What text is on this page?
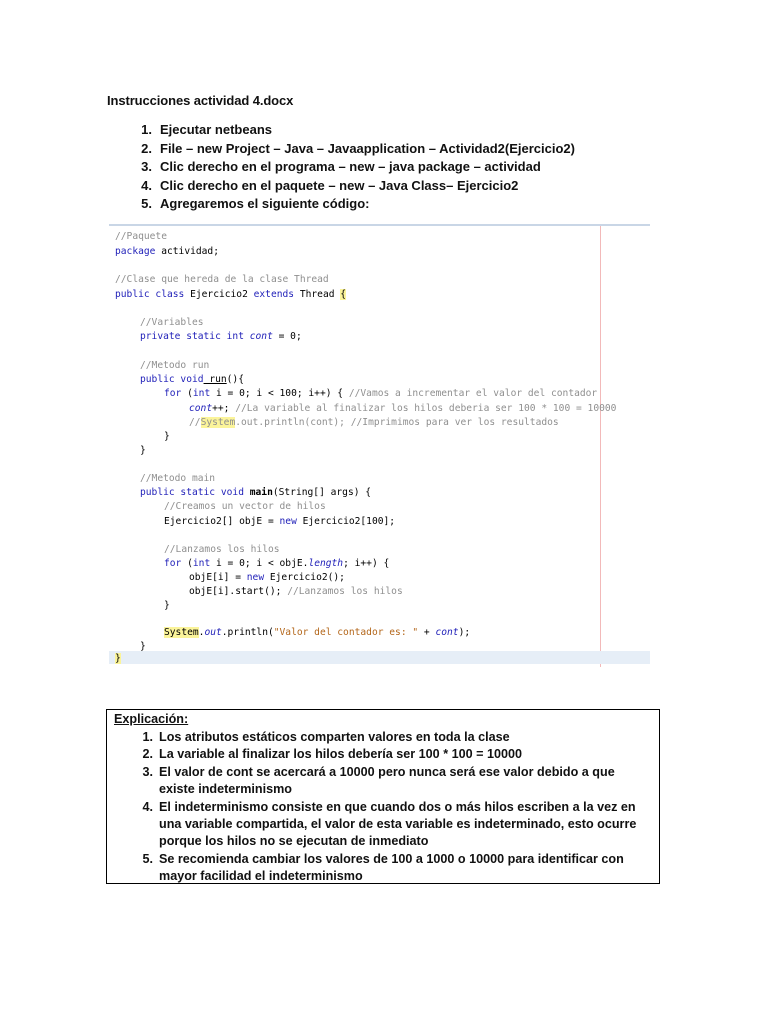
Instrucciones actividad 4.docx
1. Ejecutar netbeans
2. File – new Project – Java – Javaapplication – Actividad2(Ejercicio2)
3. Clic derecho en el programa – new – java package – actividad
4. Clic derecho en el paquete – new – Java Class– Ejercicio2
5. Agregaremos el siguiente código:
//Paquete
package actividad;
//Clase que hereda de la clase Thread
public class Ejercicio2 extends Thread {
//Variables
private static int cont = 0;
//Metodo run
public void run(){
for (int i = 0; i < 100; i++) { //Vamos a incrementar el valor del contador
cont++; //La variable al finalizar los hilos deberia ser 100 * 100 = 10000
//System.out.println(cont); //Imprimimos para ver los resultados
}
}
//Metodo main
public static void main(String[] args) {
//Creamos un vector de hilos
Ejercicio2[] objE = new Ejercicio2[100];
//Lanzamos los hilos
for (int i = 0; i < objE.length; i++) {
objE[i] = new Ejercicio2();
objE[i].start(); //Lanzamos los hilos
}
System.out.println("Valor del contador es: " + cont);
}
}
Explicación:
1. Los atributos estáticos comparten valores en toda la clase
2. La variable al finalizar los hilos debería ser 100 * 100 = 10000
3. El valor de cont se acercará a 10000 pero nunca será ese valor debido a que existe indeterminismo
4. El indeterminismo consiste en que cuando dos o más hilos escriben a la vez en una variable compartida, el valor de esta variable es indeterminado, esto ocurre porque los hilos no se ejecutan de inmediato
5. Se recomienda cambiar los valores de 100 a 1000 o 10000 para identificar con mayor facilidad el indeterminismo
